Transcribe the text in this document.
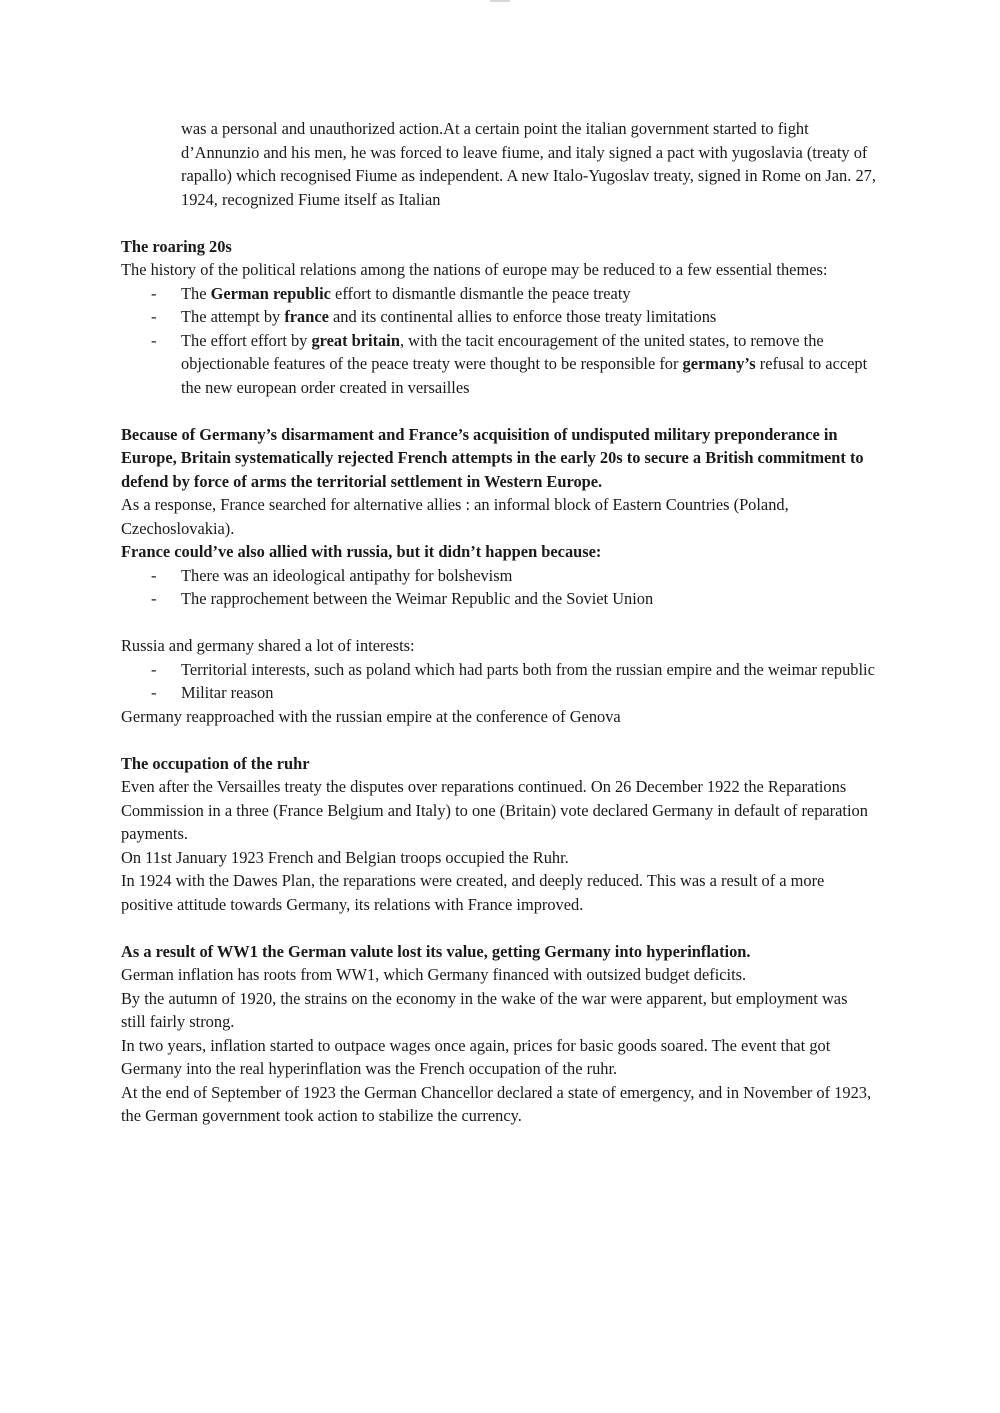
was a personal and unauthorized action.At a certain point the italian government started to fight d’Annunzio and his men, he was forced to leave fiume, and italy signed a pact with yugoslavia (treaty of rapallo) which recognised Fiume as independent. A new Italo-Yugoslav treaty, signed in Rome on Jan. 27, 1924, recognized Fiume itself as Italian

The roaring 20s

The history of the political relations among the nations of europe may be reduced to a few essential themes:

- The German republic effort to dismantle dismantle the peace treaty
- The attempt by france and its continental allies to enforce those treaty limitations
- The effort effort by great britain, with the tacit encouragement of the united states, to remove the objectionable features of the peace treaty were thought to be responsible for germany’s refusal to accept the new european order created in versailles

Because of Germany’s disarmament and France’s acquisition of undisputed military preponderance in Europe, Britain systematically rejected French attempts in the early 20s to secure a British commitment to defend by force of arms the territorial settlement in Western Europe.

As a response, France searched for alternative allies : an informal block of Eastern Countries (Poland, Czechoslovakia).

France could’ve also allied with russia, but it didn’t happen because:

- There was an ideological antipathy for bolshevism
- The rapprochement between the Weimar Republic and the Soviet Union

Russia and germany shared a lot of interests:

- Territorial interests, such as poland which had parts both from the russian empire and the weimar republic
- Militar reason

Germany reapproached with the russian empire at the conference of Genova

The occupation of the ruhr

Even after the Versailles treaty the disputes over reparations continued. On 26 December 1922 the Reparations Commission in a three (France Belgium and Italy) to one (Britain) vote declared Germany in default of reparation payments.

On 11st January 1923 French and Belgian troops occupied the Ruhr.

In 1924 with the Dawes Plan, the reparations were created, and deeply reduced. This was a result of a more positive attitude towards Germany, its relations with France improved.

As a result of WW1 the German valute lost its value, getting Germany into hyperinflation.

German inflation has roots from WW1, which Germany financed with outsized budget deficits.

By the autumn of 1920, the strains on the economy in the wake of the war were apparent, but employment was still fairly strong.

In two years, inflation started to outpace wages once again, prices for basic goods soared. The event that got Germany into the real hyperinflation was the French occupation of the ruhr.

At the end of September of 1923 the German Chancellor declared a state of emergency, and in November of 1923, the German government took action to stabilize the currency.
